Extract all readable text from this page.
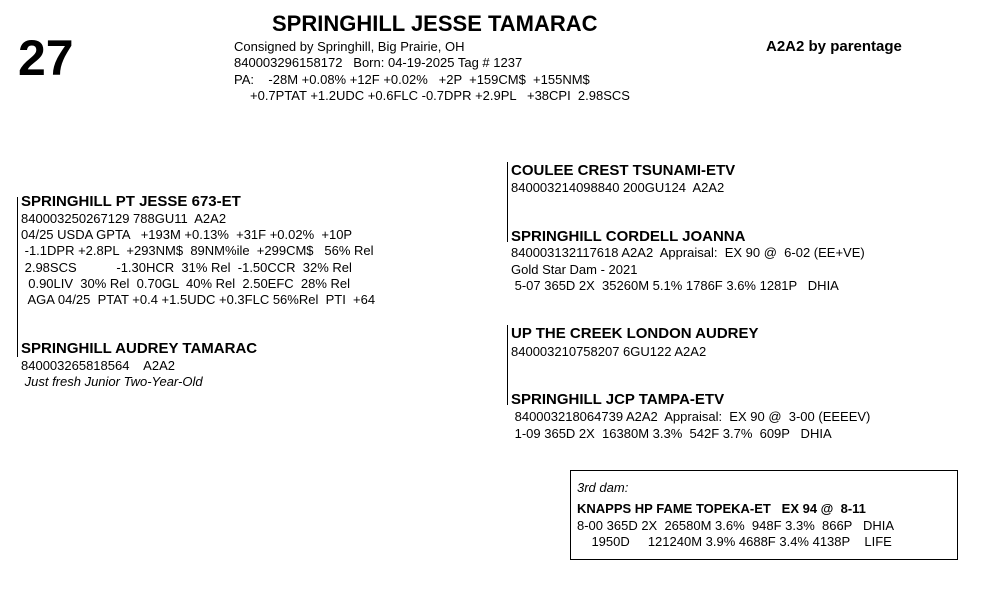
27
SPRINGHILL JESSE TAMARAC
Consigned by Springhill, Big Prairie, OH
840003296158172   Born: 04-19-2025 Tag # 1237
PA:    -28M +0.08% +12F +0.02%   +2P  +159CM$  +155NM$
+0.7PTAT +1.2UDC +0.6FLC -0.7DPR +2.9PL   +38CPI  2.98SCS
A2A2 by parentage
SPRINGHILL PT JESSE 673-ET
840003250267129 788GU11  A2A2
04/25 USDA GPTA   +193M +0.13%  +31F +0.02%  +10P
-1.1DPR +2.8PL  +293NM$  89NM%ile  +299CM$   56% Rel
2.98SCS           -1.30HCR  31% Rel  -1.50CCR  32% Rel
0.90LIV  30% Rel  0.70GL  40% Rel  2.50EFC  28% Rel
AGA 04/25  PTAT +0.4 +1.5UDC +0.3FLC 56%Rel  PTI  +64
SPRINGHILL AUDREY TAMARAC
840003265818564    A2A2
Just fresh Junior Two-Year-Old
COULEE CREST TSUNAMI-ETV
840003214098840 200GU124  A2A2
SPRINGHILL CORDELL JOANNA
840003132117618 A2A2  Appraisal:  EX 90 @  6-02 (EE+VE)
Gold Star Dam - 2021
5-07 365D 2X  35260M 5.1% 1786F 3.6% 1281P   DHIA
UP THE CREEK LONDON AUDREY
840003210758207 6GU122 A2A2
SPRINGHILL JCP TAMPA-ETV
840003218064739 A2A2  Appraisal:  EX 90 @  3-00 (EEEEV)
1-09 365D 2X  16380M 3.3%  542F 3.7%  609P   DHIA
3rd dam:
KNAPPS HP FAME TOPEKA-ET   EX 94 @  8-11
8-00 365D 2X  26580M 3.6%  948F 3.3%  866P   DHIA
1950D     121240M 3.9% 4688F 3.4% 4138P    LIFE
